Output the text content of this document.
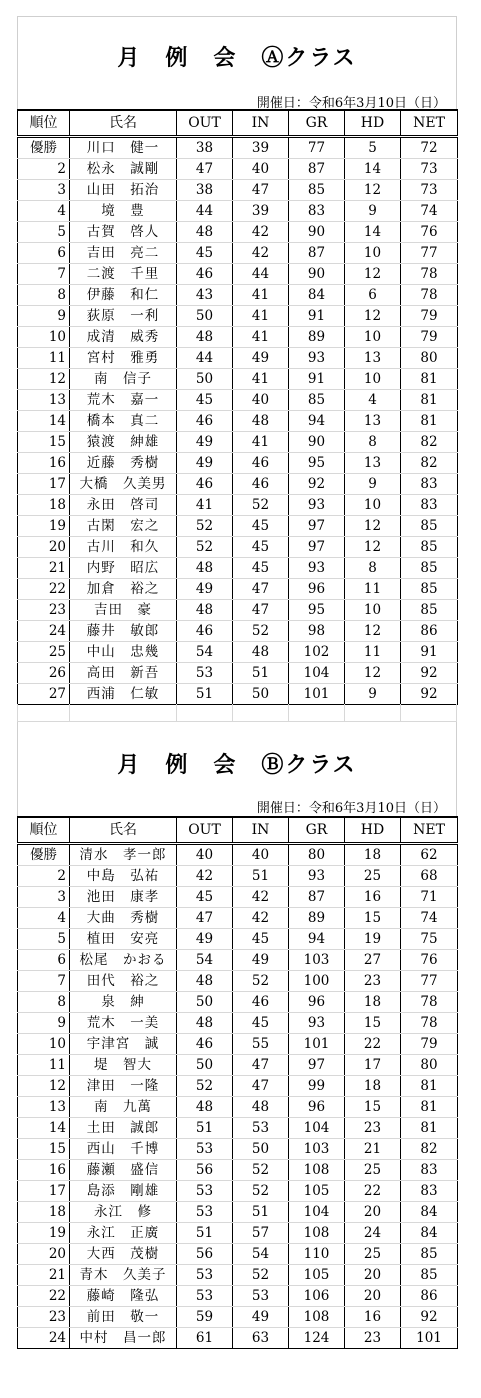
月　例　会　Ⓐクラス
開催日：令和6年3月10日（日）
順位	氏名	OUT	IN	GR	HD	NET
優勝	川口　健一	38	39	77	5	72
2	松永　誠剛	47	40	87	14	73
3	山田　拓治	38	47	85	12	73
4	境　豊	44	39	83	9	74
5	古賀　啓人	48	42	90	14	76
6	吉田　亮二	45	42	87	10	77
7	二渡　千里	46	44	90	12	78
8	伊藤　和仁	43	41	84	6	78
9	荻原　一利	50	41	91	12	79
10	成清　威秀	48	41	89	10	79
11	宮村　雅勇	44	49	93	13	80
12	南　信子	50	41	91	10	81
13	荒木　嘉一	45	40	85	4	81
14	橋本　真二	46	48	94	13	81
15	猿渡　紳雄	49	41	90	8	82
16	近藤　秀樹	49	46	95	13	82
17	大橋　久美男	46	46	92	9	83
18	永田　啓司	41	52	93	10	83
19	古閑　宏之	52	45	97	12	85
20	古川　和久	52	45	97	12	85
21	内野　昭広	48	45	93	8	85
22	加倉　裕之	49	47	96	11	85
23	吉田　豪	48	47	95	10	85
24	藤井　敏郎	46	52	98	12	86
25	中山　忠幾	54	48	102	11	91
26	高田　新吾	53	51	104	12	92
27	西浦　仁敏	51	50	101	9	92
月　例　会　Ⓑクラス
開催日：令和6年3月10日（日）
順位	氏名	OUT	IN	GR	HD	NET
優勝	清水　孝一郎	40	40	80	18	62
2	中島　弘祐	42	51	93	25	68
3	池田　康孝	45	42	87	16	71
4	大曲　秀樹	47	42	89	15	74
5	植田　安亮	49	45	94	19	75
6	松尾　かおる	54	49	103	27	76
7	田代　裕之	48	52	100	23	77
8	泉　紳	50	46	96	18	78
9	荒木　一美	48	45	93	15	78
10	宇津宮　誠	46	55	101	22	79
11	堤　智大	50	47	97	17	80
12	津田　一隆	52	47	99	18	81
13	南　九萬	48	48	96	15	81
14	土田　誠郎	51	53	104	23	81
15	西山　千博	53	50	103	21	82
16	藤瀬　盛信	56	52	108	25	83
17	島添　剛雄	53	52	105	22	83
18	永江　修	53	51	104	20	84
19	永江　正廣	51	57	108	24	84
20	大西　茂樹	56	54	110	25	85
21	青木　久美子	53	52	105	20	85
22	藤崎　隆弘	53	53	106	20	86
23	前田　敬一	59	49	108	16	92
24	中村　昌一郎	61	63	124	23	101
